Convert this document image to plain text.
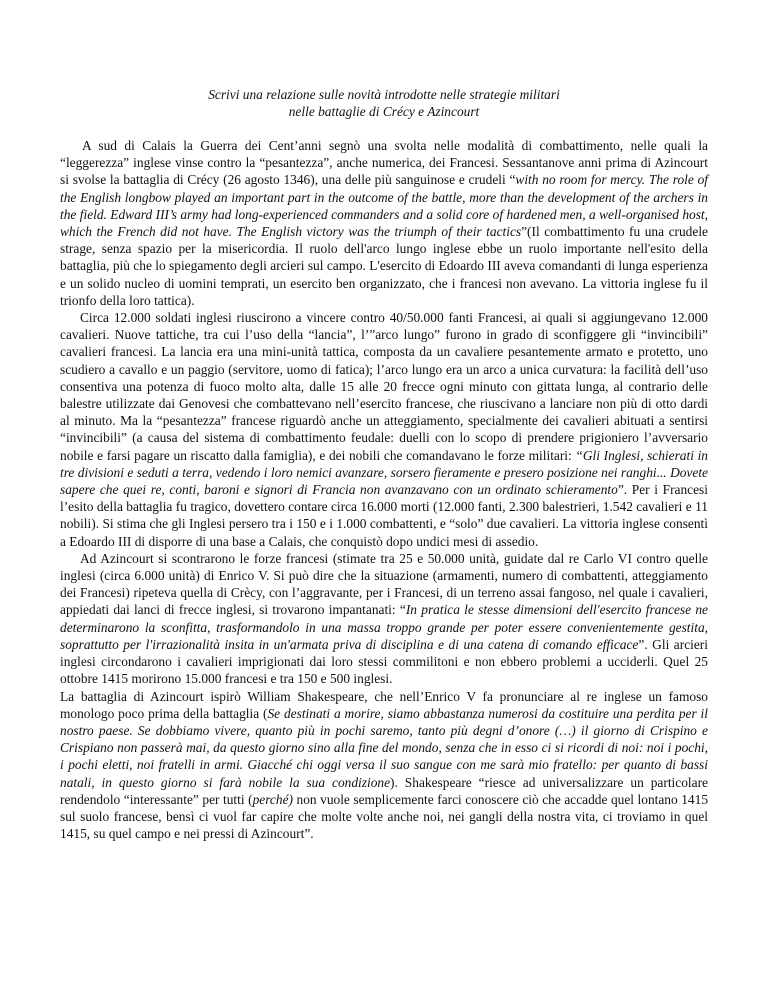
Scrivi una relazione sulle novità introdotte nelle strategie militari
nelle battaglie di Crécy e Azincourt

A sud di Calais la Guerra dei Cent’anni segnò una svolta nelle modalità di combattimento, nelle quali la “leggerezza” inglese vinse contro la “pesantezza”, anche numerica, dei Francesi. Sessantanove anni prima di Azincourt si svolse la battaglia di Crécy (26 agosto 1346), una delle più sanguinose e crudeli “with no room for mercy. The role of the English longbow played an important part in the outcome of the battle, more than the development of the archers in the field. Edward III’s army had long-experienced commanders and a solid core of hardened men, a well-organised host, which the French did not have. The English victory was the triumph of their tactics”(Il combattimento fu una crudele strage, senza spazio per la misericordia. Il ruolo dell'arco lungo inglese ebbe un ruolo importante nell'esito della battaglia, più che lo spiegamento degli arcieri sul campo. L'esercito di Edoardo III aveva comandanti di lunga esperienza e un solido nucleo di uomini temprati, un esercito ben organizzato, che i francesi non avevano. La vittoria inglese fu il trionfo della loro tattica).

Circa 12.000 soldati inglesi riuscirono a vincere contro 40/50.000 fanti Francesi, ai quali si aggiungevano 12.000 cavalieri. Nuove tattiche, tra cui l’uso della “lancia”, l’”arco lungo” furono in grado di sconfiggere gli “invincibili” cavalieri francesi. La lancia era una mini-unità tattica, composta da un cavaliere pesantemente armato e protetto, uno scudiero a cavallo e un paggio (servitore, uomo di fatica); l’arco lungo era un arco a unica curvatura: la facilità dell’uso consentiva una potenza di fuoco molto alta, dalle 15 alle 20 frecce ogni minuto con gittata lunga, al contrario delle balestre utilizzate dai Genovesi che combattevano nell’esercito francese, che riuscivano a lanciare non più di otto dardi al minuto. Ma la “pesantezza” francese riguardò anche un atteggiamento, specialmente dei cavalieri abituati a sentirsi “invincibili” (a causa del sistema di combattimento feudale: duelli con lo scopo di prendere prigioniero l’avversario nobile e farsi pagare un riscatto dalla famiglia), e dei nobili che comandavano le forze militari: “Gli Inglesi, schierati in tre divisioni e seduti a terra, vedendo i loro nemici avanzare, sorsero fieramente e presero posizione nei ranghi... Dovete sapere che quei re, conti, baroni e signori di Francia non avanzavano con un ordinato schieramento”. Per i Francesi l’esito della battaglia fu tragico, dovettero contare circa 16.000 morti (12.000 fanti, 2.300 balestrieri, 1.542 cavalieri e 11 nobili). Si stima che gli Inglesi persero tra i 150 e i 1.000 combattenti, e “solo” due cavalieri. La vittoria inglese consentì a Edoardo III di disporre di una base a Calais, che conquistò dopo undici mesi di assedio.

Ad Azincourt si scontrarono le forze francesi (stimate tra 25 e 50.000 unità, guidate dal re Carlo VI contro quelle inglesi (circa 6.000 unità) di Enrico V. Si può dire che la situazione (armamenti, numero di combattenti, atteggiamento dei Francesi) ripeteva quella di Crècy, con l’aggravante, per i Francesi, di un terreno assai fangoso, nel quale i cavalieri, appiedati dai lanci di frecce inglesi, si trovarono impantanati: “In pratica le stesse dimensioni dell'esercito francese ne determinarono la sconfitta, trasformandolo in una massa troppo grande per poter essere convenientemente gestita, soprattutto per l'irrazionalità insita in un'armata priva di disciplina e di una catena di comando efficace”. Gli arcieri inglesi circondarono i cavalieri imprigionati dai loro stessi commilitoni e non ebbero problemi a ucciderli. Quel 25 ottobre 1415 morirono 15.000 francesi e tra 150 e 500 inglesi.

La battaglia di Azincourt ispirò William Shakespeare, che nell’Enrico V fa pronunciare al re inglese un famoso monologo poco prima della battaglia (Se destinati a morire, siamo abbastanza numerosi da costituire una perdita per il nostro paese. Se dobbiamo vivere, quanto più in pochi saremo, tanto più degni d’onore (…) il giorno di Crispino e Crispiano non passerà mai, da questo giorno sino alla fine del mondo, senza che in esso ci si ricordi di noi: noi i pochi, i pochi eletti, noi fratelli in armi. Giacché chi oggi versa il suo sangue con me sarà mio fratello: per quanto di bassi natali, in questo giorno si farà nobile la sua condizione). Shakespeare “riesce ad universalizzare un particolare rendendolo “interessante” per tutti (perché) non vuole semplicemente farci conoscere ciò che accadde quel lontano 1415 sul suolo francese, bensì ci vuol far capire che molte volte anche noi, nei gangli della nostra vita, ci troviamo in quel 1415, su quel campo e nei pressi di Azincourt”.
